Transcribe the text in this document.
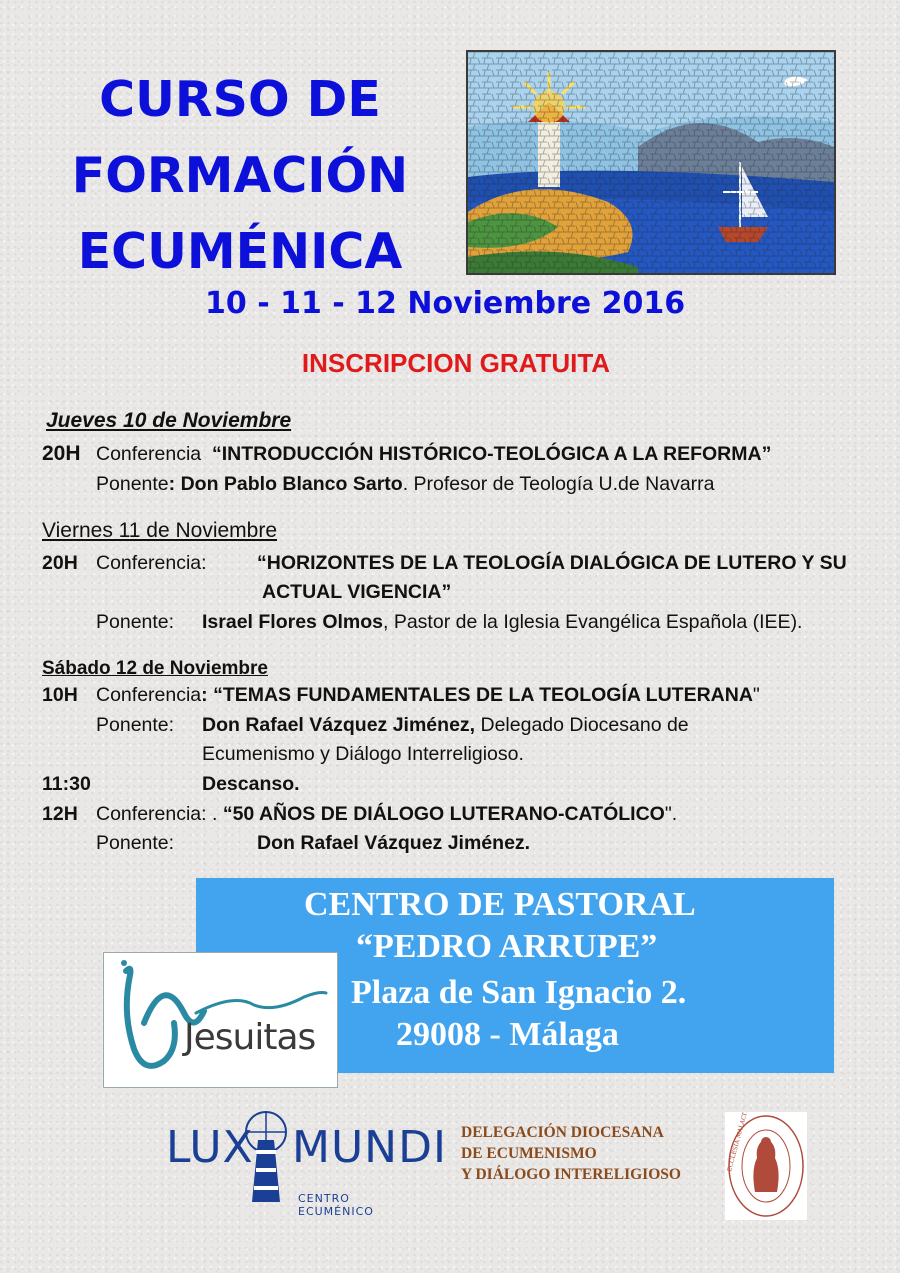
CURSO DE
FORMACIÓN
ECUMÉNICA
10 - 11 - 12 Noviembre 2016
INSCRIPCION GRATUITA
Jueves 10 de Noviembre
20H Conferencia “INTRODUCCIÓN HISTÓRICO-TEOLÓGICA A LA REFORMA”
Ponente: Don Pablo Blanco Sarto. Profesor de Teología U.de Navarra
Viernes 11 de Noviembre
20H Conferencia:	“HORIZONTES DE LA TEOLOGÍA DIALÓGICA DE LUTERO Y SU
ACTUAL VIGENCIA”
Ponente: Israel Flores Olmos, Pastor de la Iglesia Evangélica Española (IEE).
Sábado 12 de Noviembre
10H Conferencia: “TEMAS FUNDAMENTALES DE LA TEOLOGÍA LUTERANA"
Ponente: Don Rafael Vázquez Jiménez, Delegado Diocesano de
Ecumenismo y Diálogo Interreligioso.
11:30	Descanso.
12H Conferencia: . “50 AÑOS DE DIÁLOGO LUTERANO-CATÓLICO".
Ponente:	Don Rafael Vázquez Jiménez.
CENTRO DE PASTORAL
“PEDRO ARRUPE”
Plaza de San Ignacio 2.
29008 - Málaga
Jesuitas
LUX MUNDI
CENTRO ECUMÉNICO
DELEGACIÓN DIOCESANA
DE ECUMENISMO
Y DIÁLOGO INTERELIGIOSO
ECCLESIA MALACITANA
